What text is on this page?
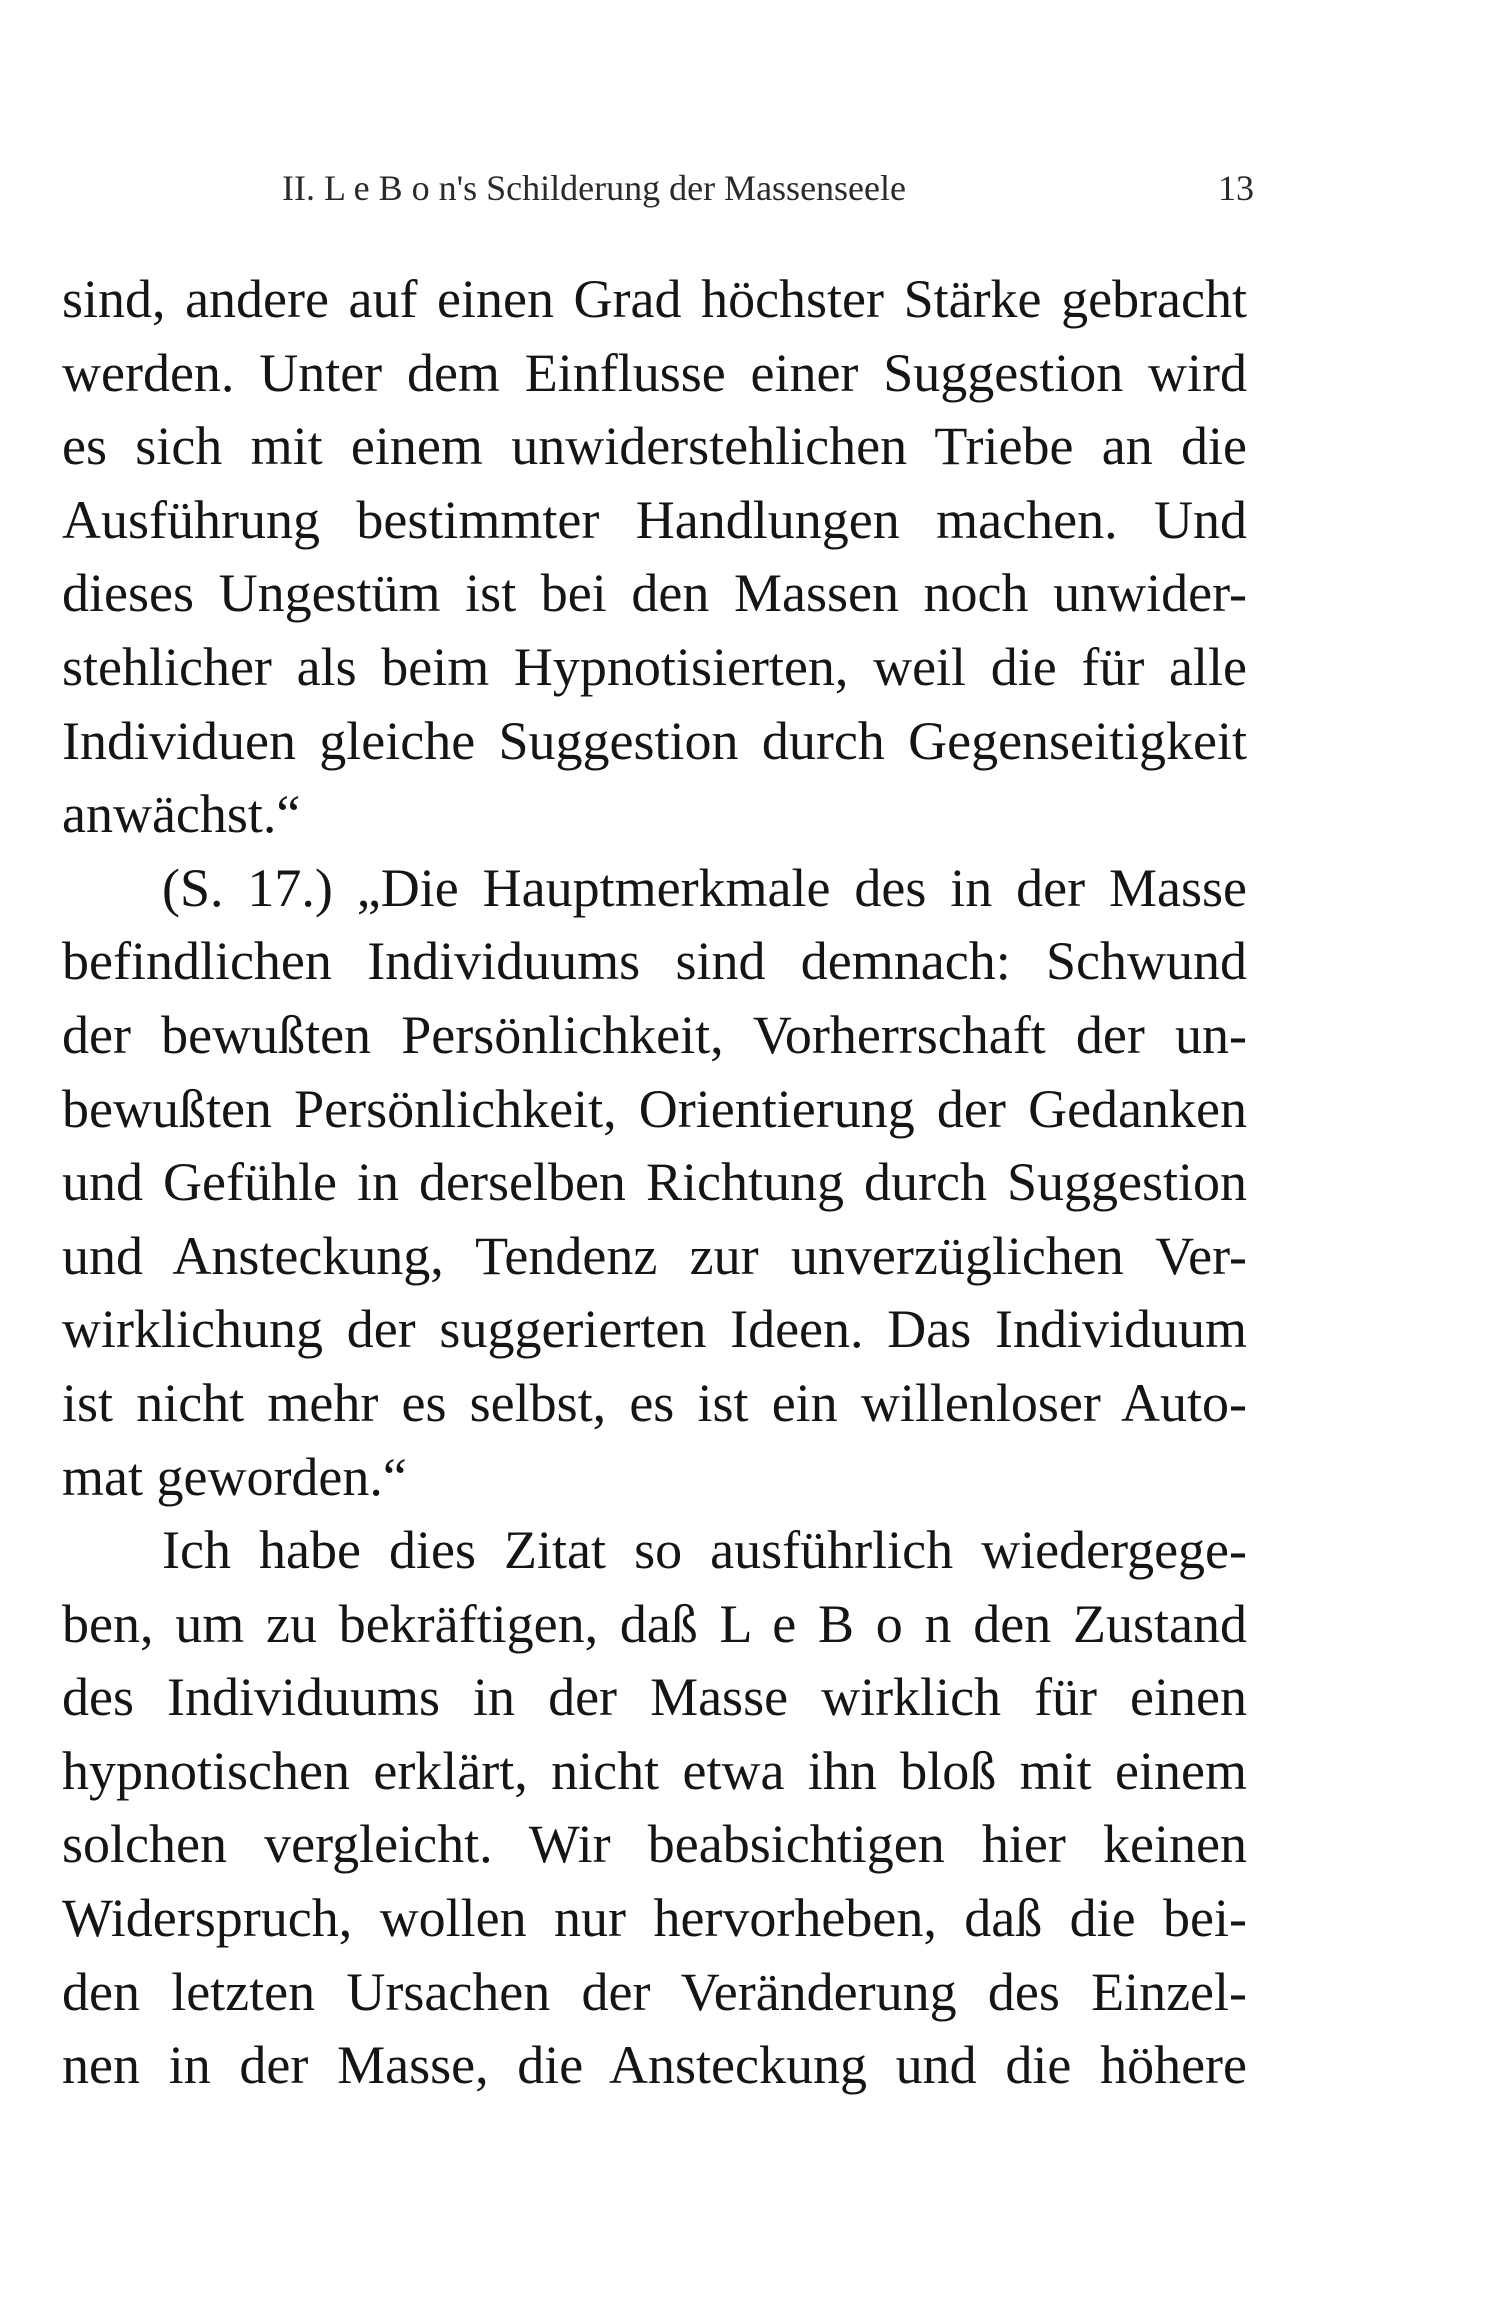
II. L e B o n's Schilderung der Massenseele	13
sind, andere auf einen Grad höchster Stärke gebracht
werden. Unter dem Einflusse einer Suggestion wird
es sich mit einem unwiderstehlichen Triebe an die
Ausführung bestimmter Handlungen machen. Und
dieses Ungestüm ist bei den Massen noch unwider-
stehlicher als beim Hypnotisierten, weil die für alle
Individuen gleiche Suggestion durch Gegenseitigkeit
anwächst.“
(S. 17.) „Die Hauptmerkmale des in der Masse
befindlichen Individuums sind demnach: Schwund
der bewußten Persönlichkeit, Vorherrschaft der un-
bewußten Persönlichkeit, Orientierung der Gedanken
und Gefühle in derselben Richtung durch Suggestion
und Ansteckung, Tendenz zur unverzüglichen Ver-
wirklichung der suggerierten Ideen. Das Individuum
ist nicht mehr es selbst, es ist ein willenloser Auto-
mat geworden.“
Ich habe dies Zitat so ausführlich wiedergege-
ben, um zu bekräftigen, daß L e B o n den Zustand
des Individuums in der Masse wirklich für einen
hypnotischen erklärt, nicht etwa ihn bloß mit einem
solchen vergleicht. Wir beabsichtigen hier keinen
Widerspruch, wollen nur hervorheben, daß die bei-
den letzten Ursachen der Veränderung des Einzel-
nen in der Masse, die Ansteckung und die höhere
